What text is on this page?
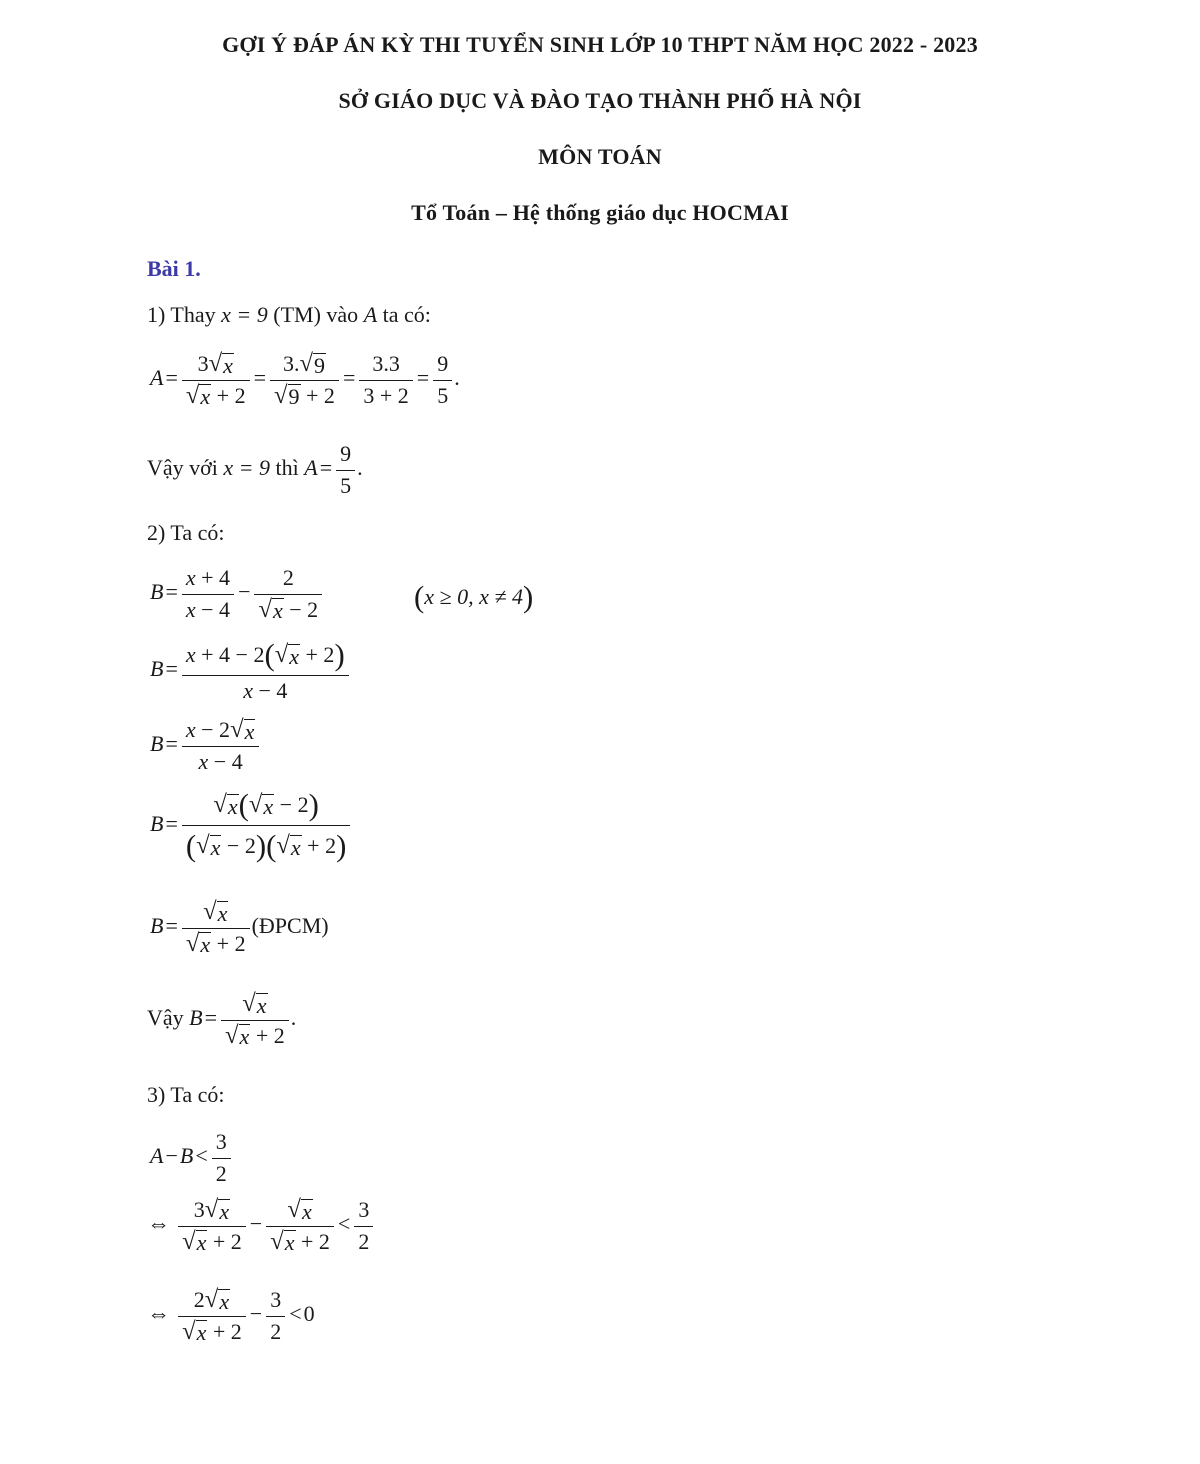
GỢI Ý ĐÁP ÁN KỲ THI TUYỂN SINH LỚP 10 THPT NĂM HỌC 2022 - 2023
SỞ GIÁO DỤC VÀ ĐÀO TẠO THÀNH PHỐ HÀ NỘI
MÔN TOÁN
Tổ Toán – Hệ thống giáo dục HOCMAI
Bài 1.
1) Thay x = 9 (TM) vào A ta có:
$A= \frac{3 √ x}{√ x + 2} = \frac{3. √ 9}{√ 9 + 2} = \frac{3.3}{3 + 2} = \frac{9}{5}$ .
Vậy với x = 9 thì $A= \frac{9}{5}$ .
2) Ta có:
$B= \frac{x + 4}{x - 4} - \frac{2}{√ x - 2}$	(x ≥ 0, x ≠ 4)
$B= \frac{x + 4 - 2( √ x + 2)}{x - 4}$
$B= \frac{x - 2 √ x}{x - 4}$
$B= \frac{√ x ( √ x - 2)}{( √ x - 2)( √ x + 2)}$
$B= \frac{√ x}{√ x + 2}$ (ĐPCM)
Vậy $B= \frac{√ x}{√ x + 2}$ .
3) Ta có:
$A-B< \frac{3}{2}$
⇔ $\frac{3 √ x}{√ x + 2} - \frac{√ x}{√ x + 2} < \frac{3}{2}$
⇔ $\frac{2 √ x}{√ x + 2} - \frac{3}{2} <0$
